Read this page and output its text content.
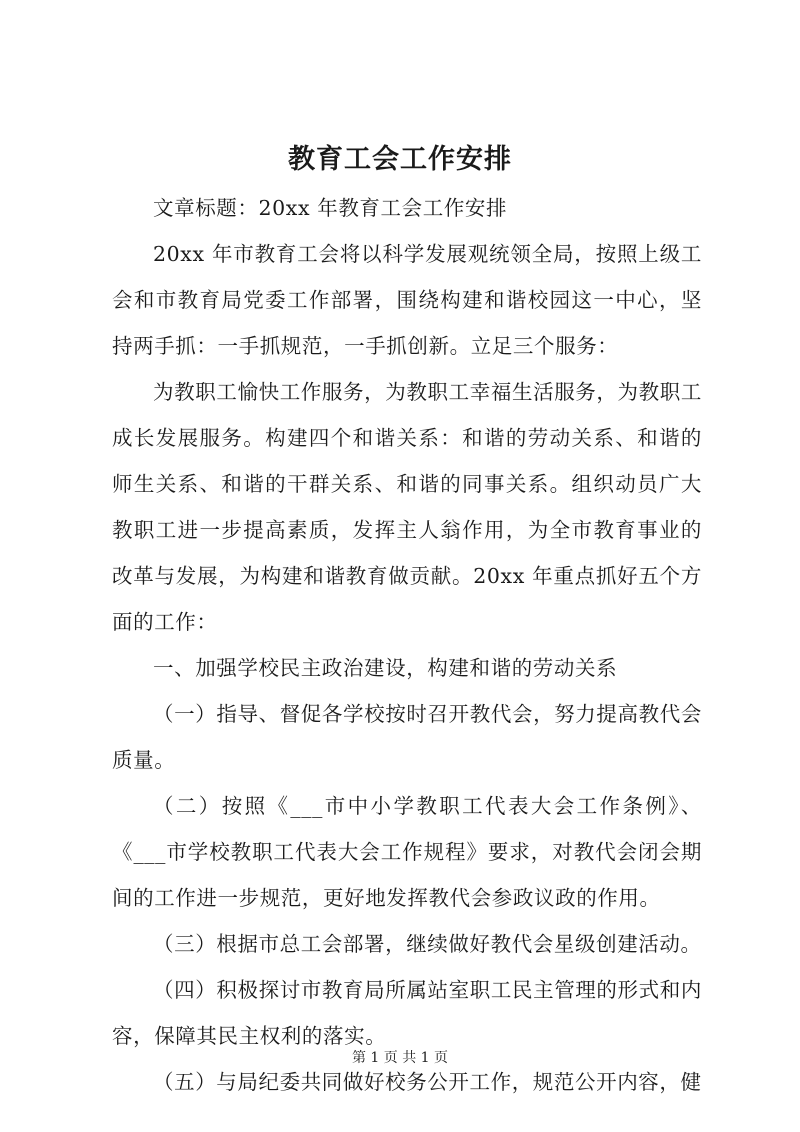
教育工会工作安排

文章标题：20xx 年教育工会工作安排

20xx 年市教育工会将以科学发展观统领全局，按照上级工会和市教育局党委工作部署，围绕构建和谐校园这一中心，坚持两手抓：一手抓规范，一手抓创新。立足三个服务：

为教职工愉快工作服务，为教职工幸福生活服务，为教职工成长发展服务。构建四个和谐关系：和谐的劳动关系、和谐的师生关系、和谐的干群关系、和谐的同事关系。组织动员广大教职工进一步提高素质，发挥主人翁作用，为全市教育事业的改革与发展，为构建和谐教育做贡献。20xx 年重点抓好五个方面的工作：

一、加强学校民主政治建设，构建和谐的劳动关系

（一）指导、督促各学校按时召开教代会，努力提高教代会质量。

（二）按照《___市中小学教职工代表大会工作条例》、《___市学校教职工代表大会工作规程》要求，对教代会闭会期间的工作进一步规范，更好地发挥教代会参政议政的作用。

（三）根据市总工会部署，继续做好教代会星级创建活动。

（四）积极探讨市教育局所属站室职工民主管理的形式和内容，保障其民主权利的落实。

（五）与局纪委共同做好校务公开工作，规范公开内容，健

第 1 页 共 1 页
